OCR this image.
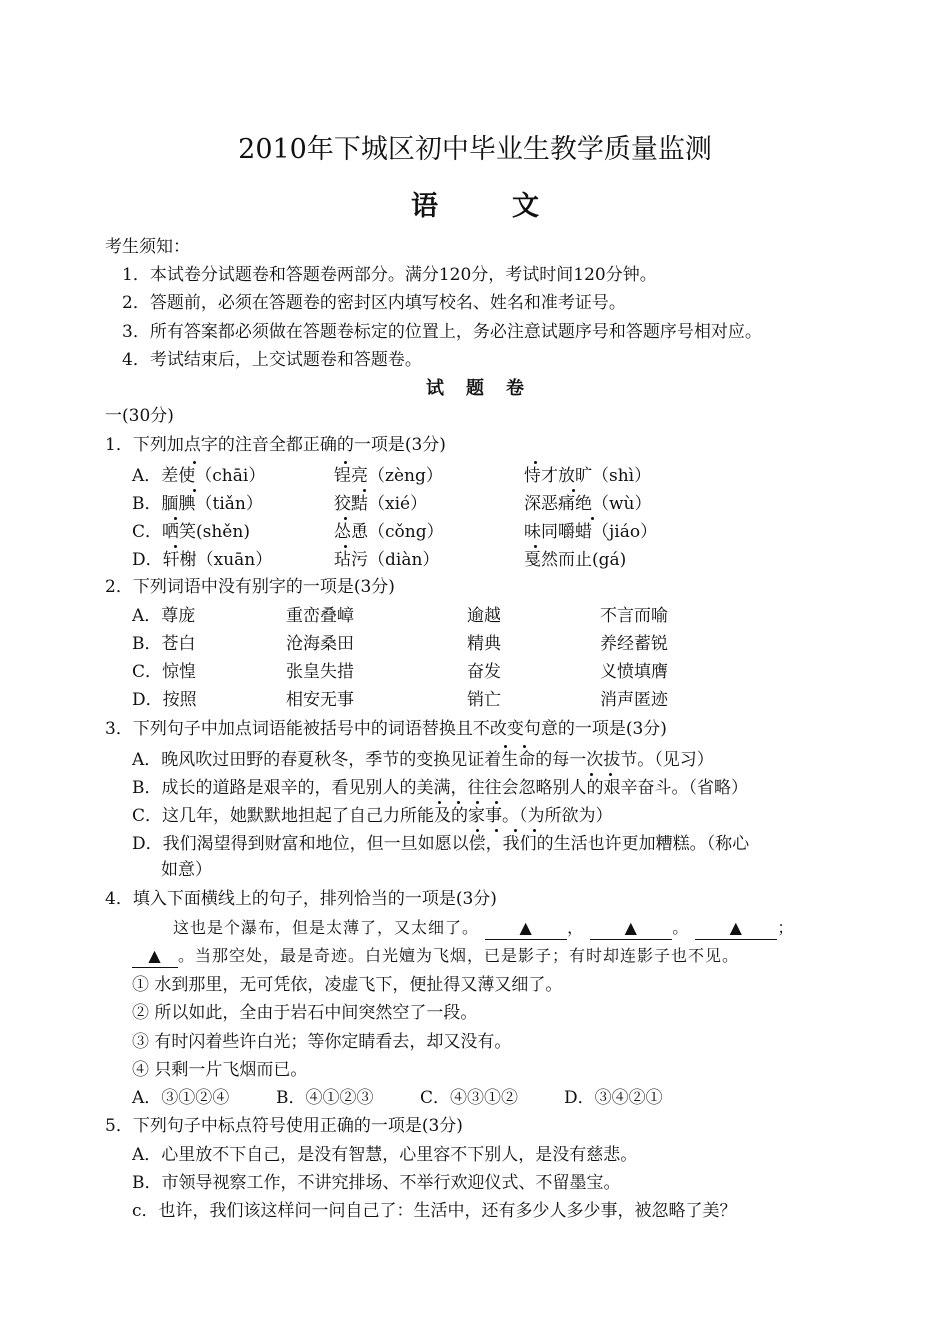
2010年下城区初中毕业生教学质量监测
语文
考生须知：
1．本试卷分试题卷和答题卷两部分。满分120分，考试时间120分钟。
2．答题前，必须在答题卷的密封区内填写校名、姓名和准考证号。
3．所有答案都必须做在答题卷标定的位置上，务必注意试题序号和答题序号相对应。
4．考试结束后，上交试题卷和答题卷。
试题卷
一(30分)
1．下列加点字的注音全都正确的一项是(3分)
A．差使（chāi）	锃亮（zèng）	恃才放旷（shì）
B．腼腆（tiǎn）	狡黠（xié）	深恶痛绝（wù）
C．哂笑(shěn)	怂恿（cǒng）	味同嚼蜡（jiáo）
D．轩榭（xuān）	玷污（diàn）	戛然而止(gá)
2．下列词语中没有别字的一项是(3分)
A．尊庞	重峦叠嶂	逾越	不言而喻
B．苍白	沧海桑田	精典	养经蓄锐
C．惊惶	张皇失措	奋发	义愤填膺
D．按照	相安无事	销亡	消声匿迹
3．下列句子中加点词语能被括号中的词语替换且不改变句意的一项是(3分)
A．晚风吹过田野的春夏秋冬，季节的变换见证着生命的每一次拔节。（见习）
B．成长的道路是艰辛的，看见别人的美满，往往会忽略别人的艰辛奋斗。（省略）
C．这几年，她默默地担起了自己力所能及的家事。（为所欲为）
D．我们渴望得到财富和地位，但一旦如愿以偿，我们的生活也许更加糟糕。（称心
如意）
4．填入下面横线上的句子，排列恰当的一项是(3分)
这也是个瀑布，但是太薄了，又太细了。	▲ ，	▲ 。	▲ ；
▲ 。当那空处，最是奇迹。白光嬗为飞烟，已是影子；有时却连影子也不见。
① 水到那里，无可凭依，凌虚飞下，便扯得又薄又细了。
② 所以如此，全由于岩石中间突然空了一段。
③ 有时闪着些许白光；等你定睛看去，却又没有。
④ 只剩一片飞烟而已。
A．③①②④	B．④①②③	C．④③①②	D．③④②①
5．下列句子中标点符号使用正确的一项是(3分)
A．心里放不下自己，是没有智慧，心里容不下别人，是没有慈悲。
B．市领导视察工作，不讲究排场、不举行欢迎仪式、不留墨宝。
c．也许，我们该这样问一问自己了：生活中，还有多少人多少事，被忽略了美？
